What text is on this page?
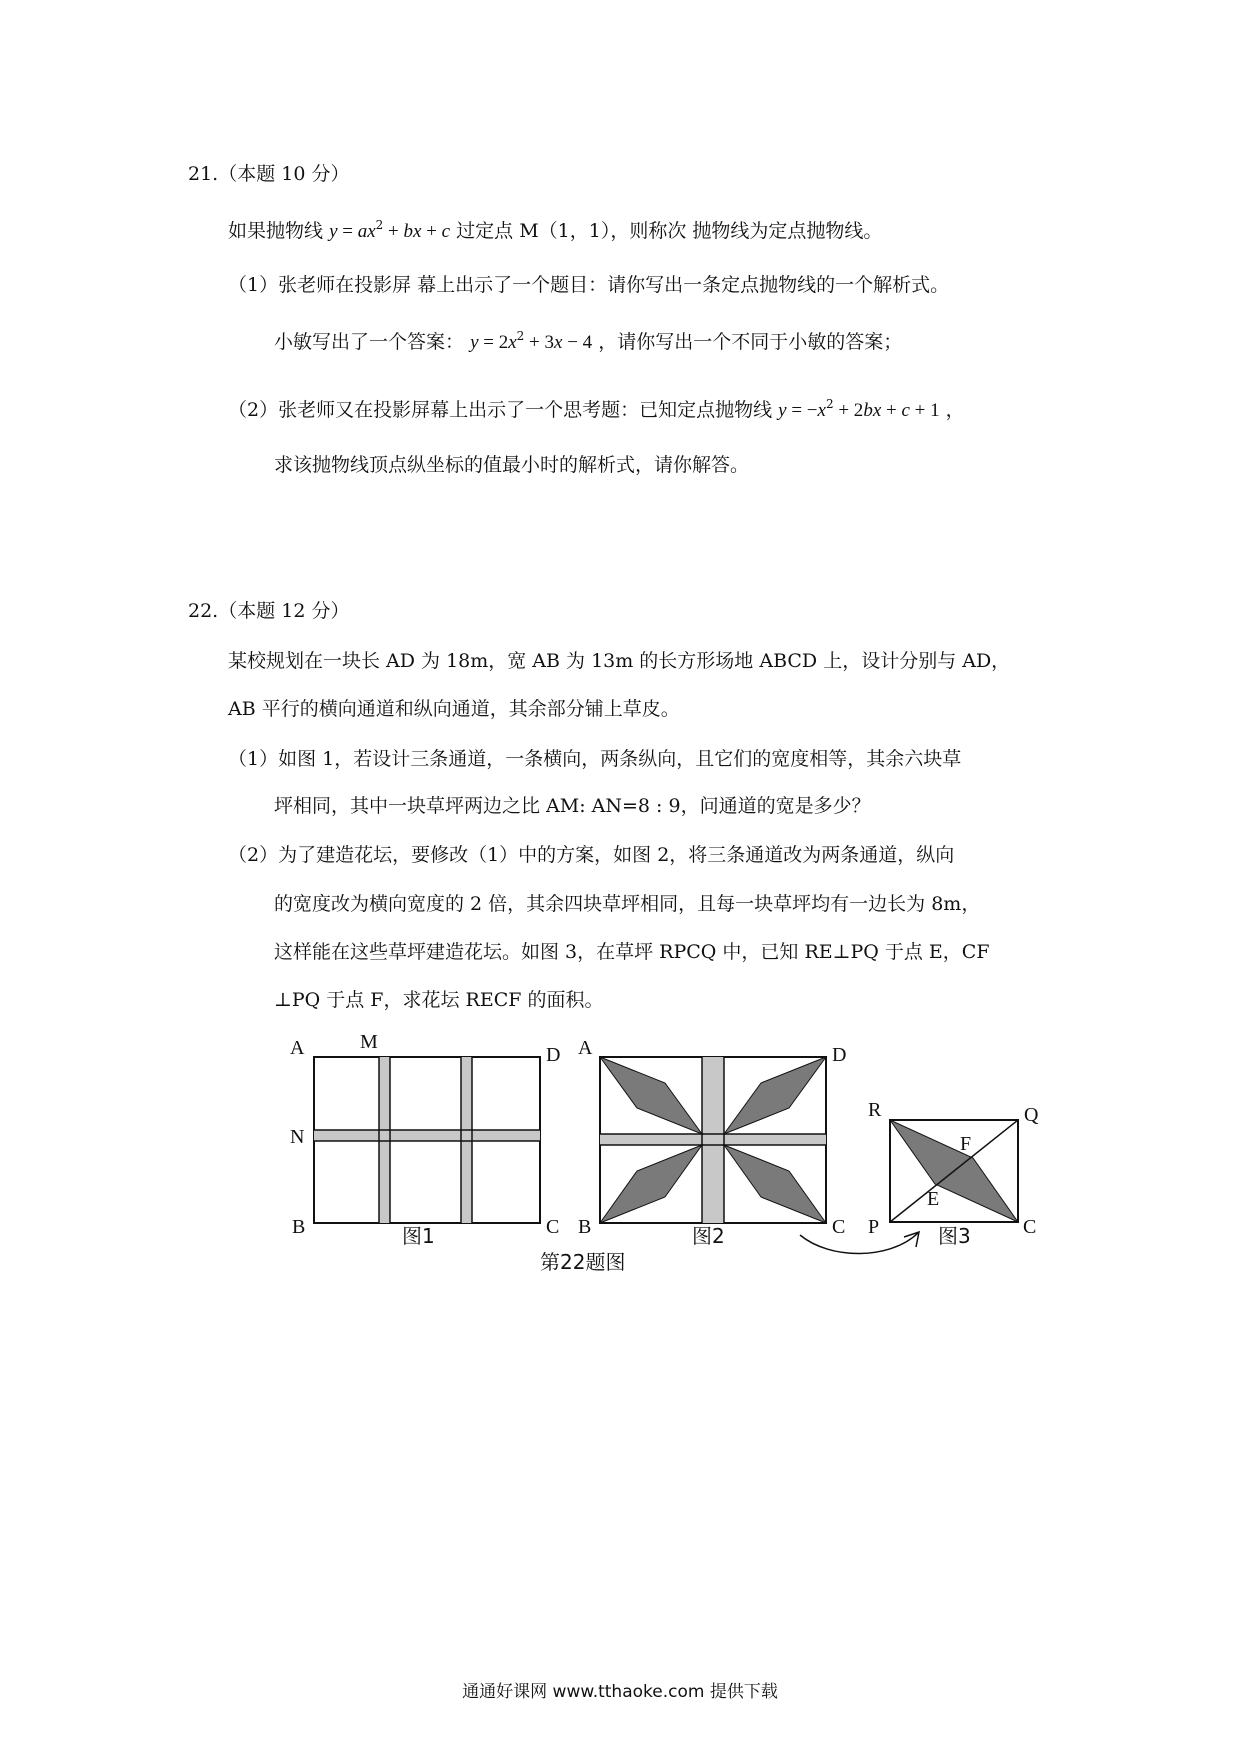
21.（本题 10 分）
如果抛物线 $y = ax^2$ + bx + c 过定点 M（1，1），则称次 抛物线为定点抛物线。
（1）张老师在投影屏 幕上出示了一个题目：请你写出一条定点抛物线的一个解析式。
小敏写出了一个答案： $y = 2x^2 + 3x - 4$ ，请你写出一个不同于小敏的答案；
（2）张老师又在投影屏幕上出示了一个思考题：已知定点抛物线 $y = -x^2 + 2bx + c + 1$ ，
求该抛物线顶点纵坐标的值最小时的解析式，请你解答。
22.（本题 12 分）
某校规划在一块长 AD 为 18m，宽 AB 为 13m 的长方形场地 ABCD 上，设计分别与 AD，
AB 平行的横向通道和纵向通道，其余部分铺上草皮。
（1）如图 1，若设计三条通道，一条横向，两条纵向，且它们的宽度相等，其余六块草
坪相同，其中一块草坪两边之比 AM: AN=8 : 9，问通道的宽是多少？
（2）为了建造花坛，要修改（1）中的方案，如图 2，将三条通道改为两条通道，纵向
的宽度改为横向宽度的 2 倍，其余四块草坪相同，且每一块草坪均有一边长为 8m，
这样能在这些草坪建造花坛。如图 3，在草坪 RPCQ 中，已知 RE⊥PQ 于点 E，CF
⊥PQ 于点 F，求花坛 RECF 的面积。
A	M
D
N
B	C
图1
A	D
B	C
图2
R	Q
F
E
P	C
图3
第22题图
通通好课网 www.tthaoke.com 提供下载
